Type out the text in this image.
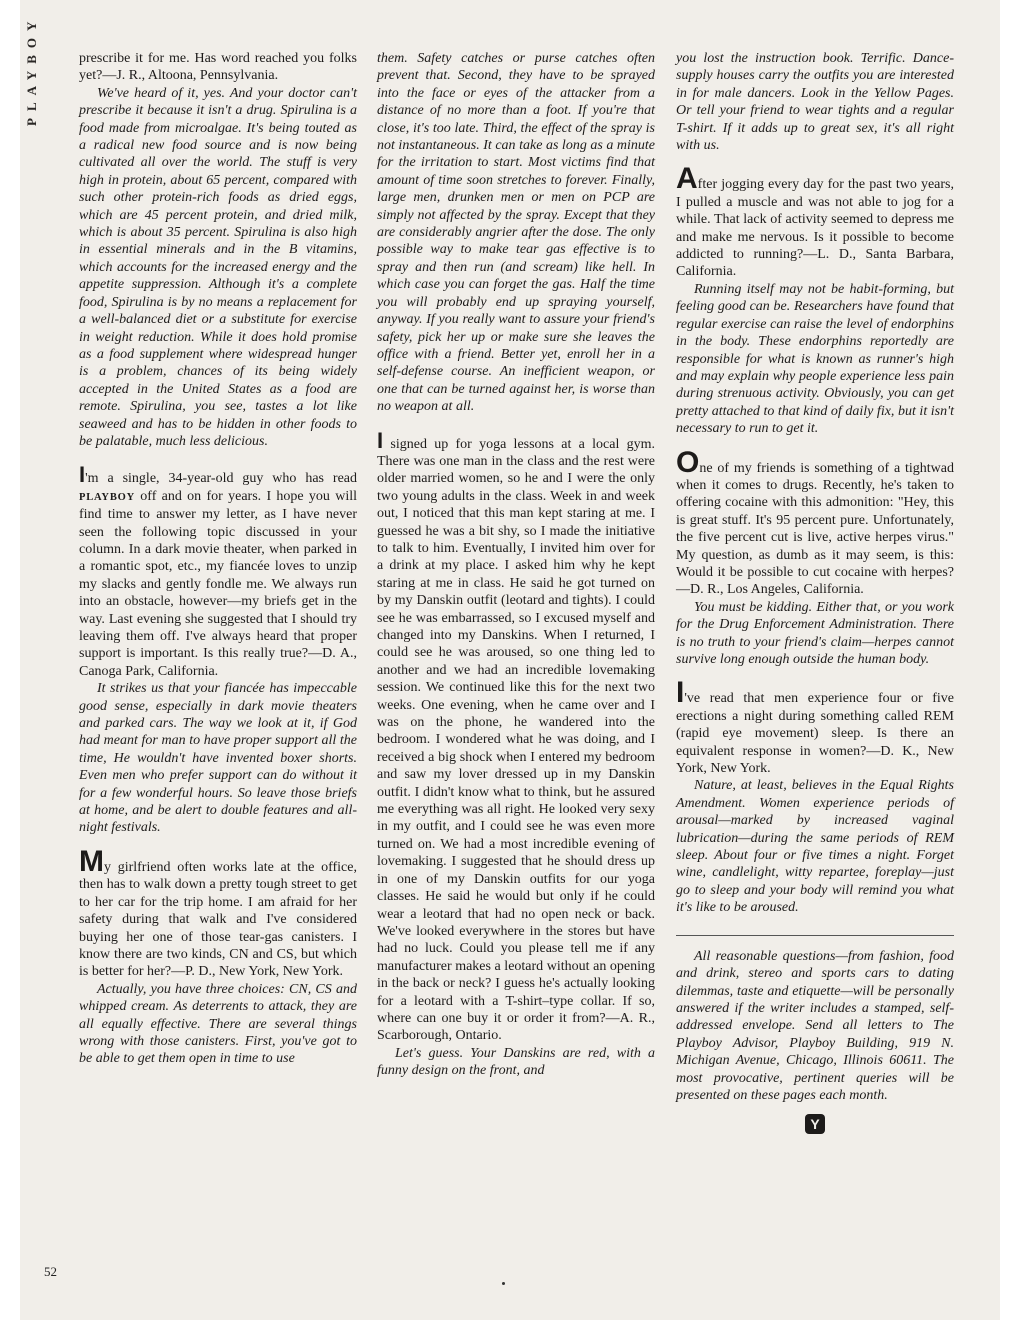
PLAYBOY
52

prescribe it for me. Has word reached you folks yet?—J. R., Altoona, Pennsylvania.

We've heard of it, yes. And your doctor can't prescribe it because it isn't a drug. Spirulina is a food made from microalgae. It's being touted as a radical new food source and is now being cultivated all over the world. The stuff is very high in protein, about 65 percent, compared with such other protein-rich foods as dried eggs, which are 45 percent protein, and dried milk, which is about 35 percent. Spirulina is also high in essential minerals and in the B vitamins, which accounts for the increased energy and the appetite suppression. Although it's a complete food, Spirulina is by no means a replacement for a well-balanced diet or a substitute for exercise in weight reduction. While it does hold promise as a food supplement where widespread hunger is a problem, chances of its being widely accepted in the United States as a food are remote. Spirulina, you see, tastes a lot like seaweed and has to be hidden in other foods to be palatable, much less delicious.

I'm a single, 34-year-old guy who has read PLAYBOY off and on for years. I hope you will find time to answer my letter, as I have never seen the following topic discussed in your column. In a dark movie theater, when parked in a romantic spot, etc., my fiancée loves to unzip my slacks and gently fondle me. We always run into an obstacle, however—my briefs get in the way. Last evening she suggested that I should try leaving them off. I've always heard that proper support is important. Is this really true?—D. A., Canoga Park, California.

It strikes us that your fiancée has impeccable good sense, especially in dark movie theaters and parked cars. The way we look at it, if God had meant for man to have proper support all the time, He wouldn't have invented boxer shorts. Even men who prefer support can do without it for a few wonderful hours. So leave those briefs at home, and be alert to double features and all-night festivals.

My girlfriend often works late at the office, then has to walk down a pretty tough street to get to her car for the trip home. I am afraid for her safety during that walk and I've considered buying her one of those tear-gas canisters. I know there are two kinds, CN and CS, but which is better for her?—P. D., New York, New York.

Actually, you have three choices: CN, CS and whipped cream. As deterrents to attack, they are all equally effective. There are several things wrong with those canisters. First, you've got to be able to get them open in time to use

them. Safety catches or purse catches often prevent that. Second, they have to be sprayed into the face or eyes of the attacker from a distance of no more than a foot. If you're that close, it's too late. Third, the effect of the spray is not instantaneous. It can take as long as a minute for the irritation to start. Most victims find that amount of time soon stretches to forever. Finally, large men, drunken men or men on PCP are simply not affected by the spray. Except that they are considerably angrier after the dose. The only possible way to make tear gas effective is to spray and then run (and scream) like hell. In which case you can forget the gas. Half the time you will probably end up spraying yourself, anyway. If you really want to assure your friend's safety, pick her up or make sure she leaves the office with a friend. Better yet, enroll her in a self-defense course. An inefficient weapon, or one that can be turned against her, is worse than no weapon at all.

I signed up for yoga lessons at a local gym. There was one man in the class and the rest were older married women, so he and I were the only two young adults in the class. Week in and week out, I noticed that this man kept staring at me. I guessed he was a bit shy, so I made the initiative to talk to him. Eventually, I invited him over for a drink at my place. I asked him why he kept staring at me in class. He said he got turned on by my Danskin outfit (leotard and tights). I could see he was embarrassed, so I excused myself and changed into my Danskins. When I returned, I could see he was aroused, so one thing led to another and we had an incredible lovemaking session. We continued like this for the next two weeks. One evening, when he came over and I was on the phone, he wandered into the bedroom. I wondered what he was doing, and I received a big shock when I entered my bedroom and saw my lover dressed up in my Danskin outfit. I didn't know what to think, but he assured me everything was all right. He looked very sexy in my outfit, and I could see he was even more turned on. We had a most incredible evening of lovemaking. I suggested that he should dress up in one of my Danskin outfits for our yoga classes. He said he would but only if he could wear a leotard that had no open neck or back. We've looked everywhere in the stores but have had no luck. Could you please tell me if any manufacturer makes a leotard without an opening in the back or neck? I guess he's actually looking for a leotard with a T-shirt–type collar. If so, where can one buy it or order it from?—A. R., Scarborough, Ontario.

Let's guess. Your Danskins are red, with a funny design on the front, and

you lost the instruction book. Terrific. Dance-supply houses carry the outfits you are interested in for male dancers. Look in the Yellow Pages. Or tell your friend to wear tights and a regular T-shirt. If it adds up to great sex, it's all right with us.

After jogging every day for the past two years, I pulled a muscle and was not able to jog for a while. That lack of activity seemed to depress me and make me nervous. Is it possible to become addicted to running?—L. D., Santa Barbara, California.

Running itself may not be habit-forming, but feeling good can be. Researchers have found that regular exercise can raise the level of endorphins in the body. These endorphins reportedly are responsible for what is known as runner's high and may explain why people experience less pain during strenuous activity. Obviously, you can get pretty attached to that kind of daily fix, but it isn't necessary to run to get it.

One of my friends is something of a tightwad when it comes to drugs. Recently, he's taken to offering cocaine with this admonition: "Hey, this is great stuff. It's 95 percent pure. Unfortunately, the five percent cut is live, active herpes virus." My question, as dumb as it may seem, is this: Would it be possible to cut cocaine with herpes?—D. R., Los Angeles, California.

You must be kidding. Either that, or you work for the Drug Enforcement Administration. There is no truth to your friend's claim—herpes cannot survive long enough outside the human body.

I've read that men experience four or five erections a night during something called REM (rapid eye movement) sleep. Is there an equivalent response in women?—D. K., New York, New York.

Nature, at least, believes in the Equal Rights Amendment. Women experience periods of arousal—marked by increased vaginal lubrication—during the same periods of REM sleep. About four or five times a night. Forget wine, candlelight, witty repartee, foreplay—just go to sleep and your body will remind you what it's like to be aroused.

All reasonable questions—from fashion, food and drink, stereo and sports cars to dating dilemmas, taste and etiquette—will be personally answered if the writer includes a stamped, self-addressed envelope. Send all letters to The Playboy Advisor, Playboy Building, 919 N. Michigan Avenue, Chicago, Illinois 60611. The most provocative, pertinent queries will be presented on these pages each month.

Y
